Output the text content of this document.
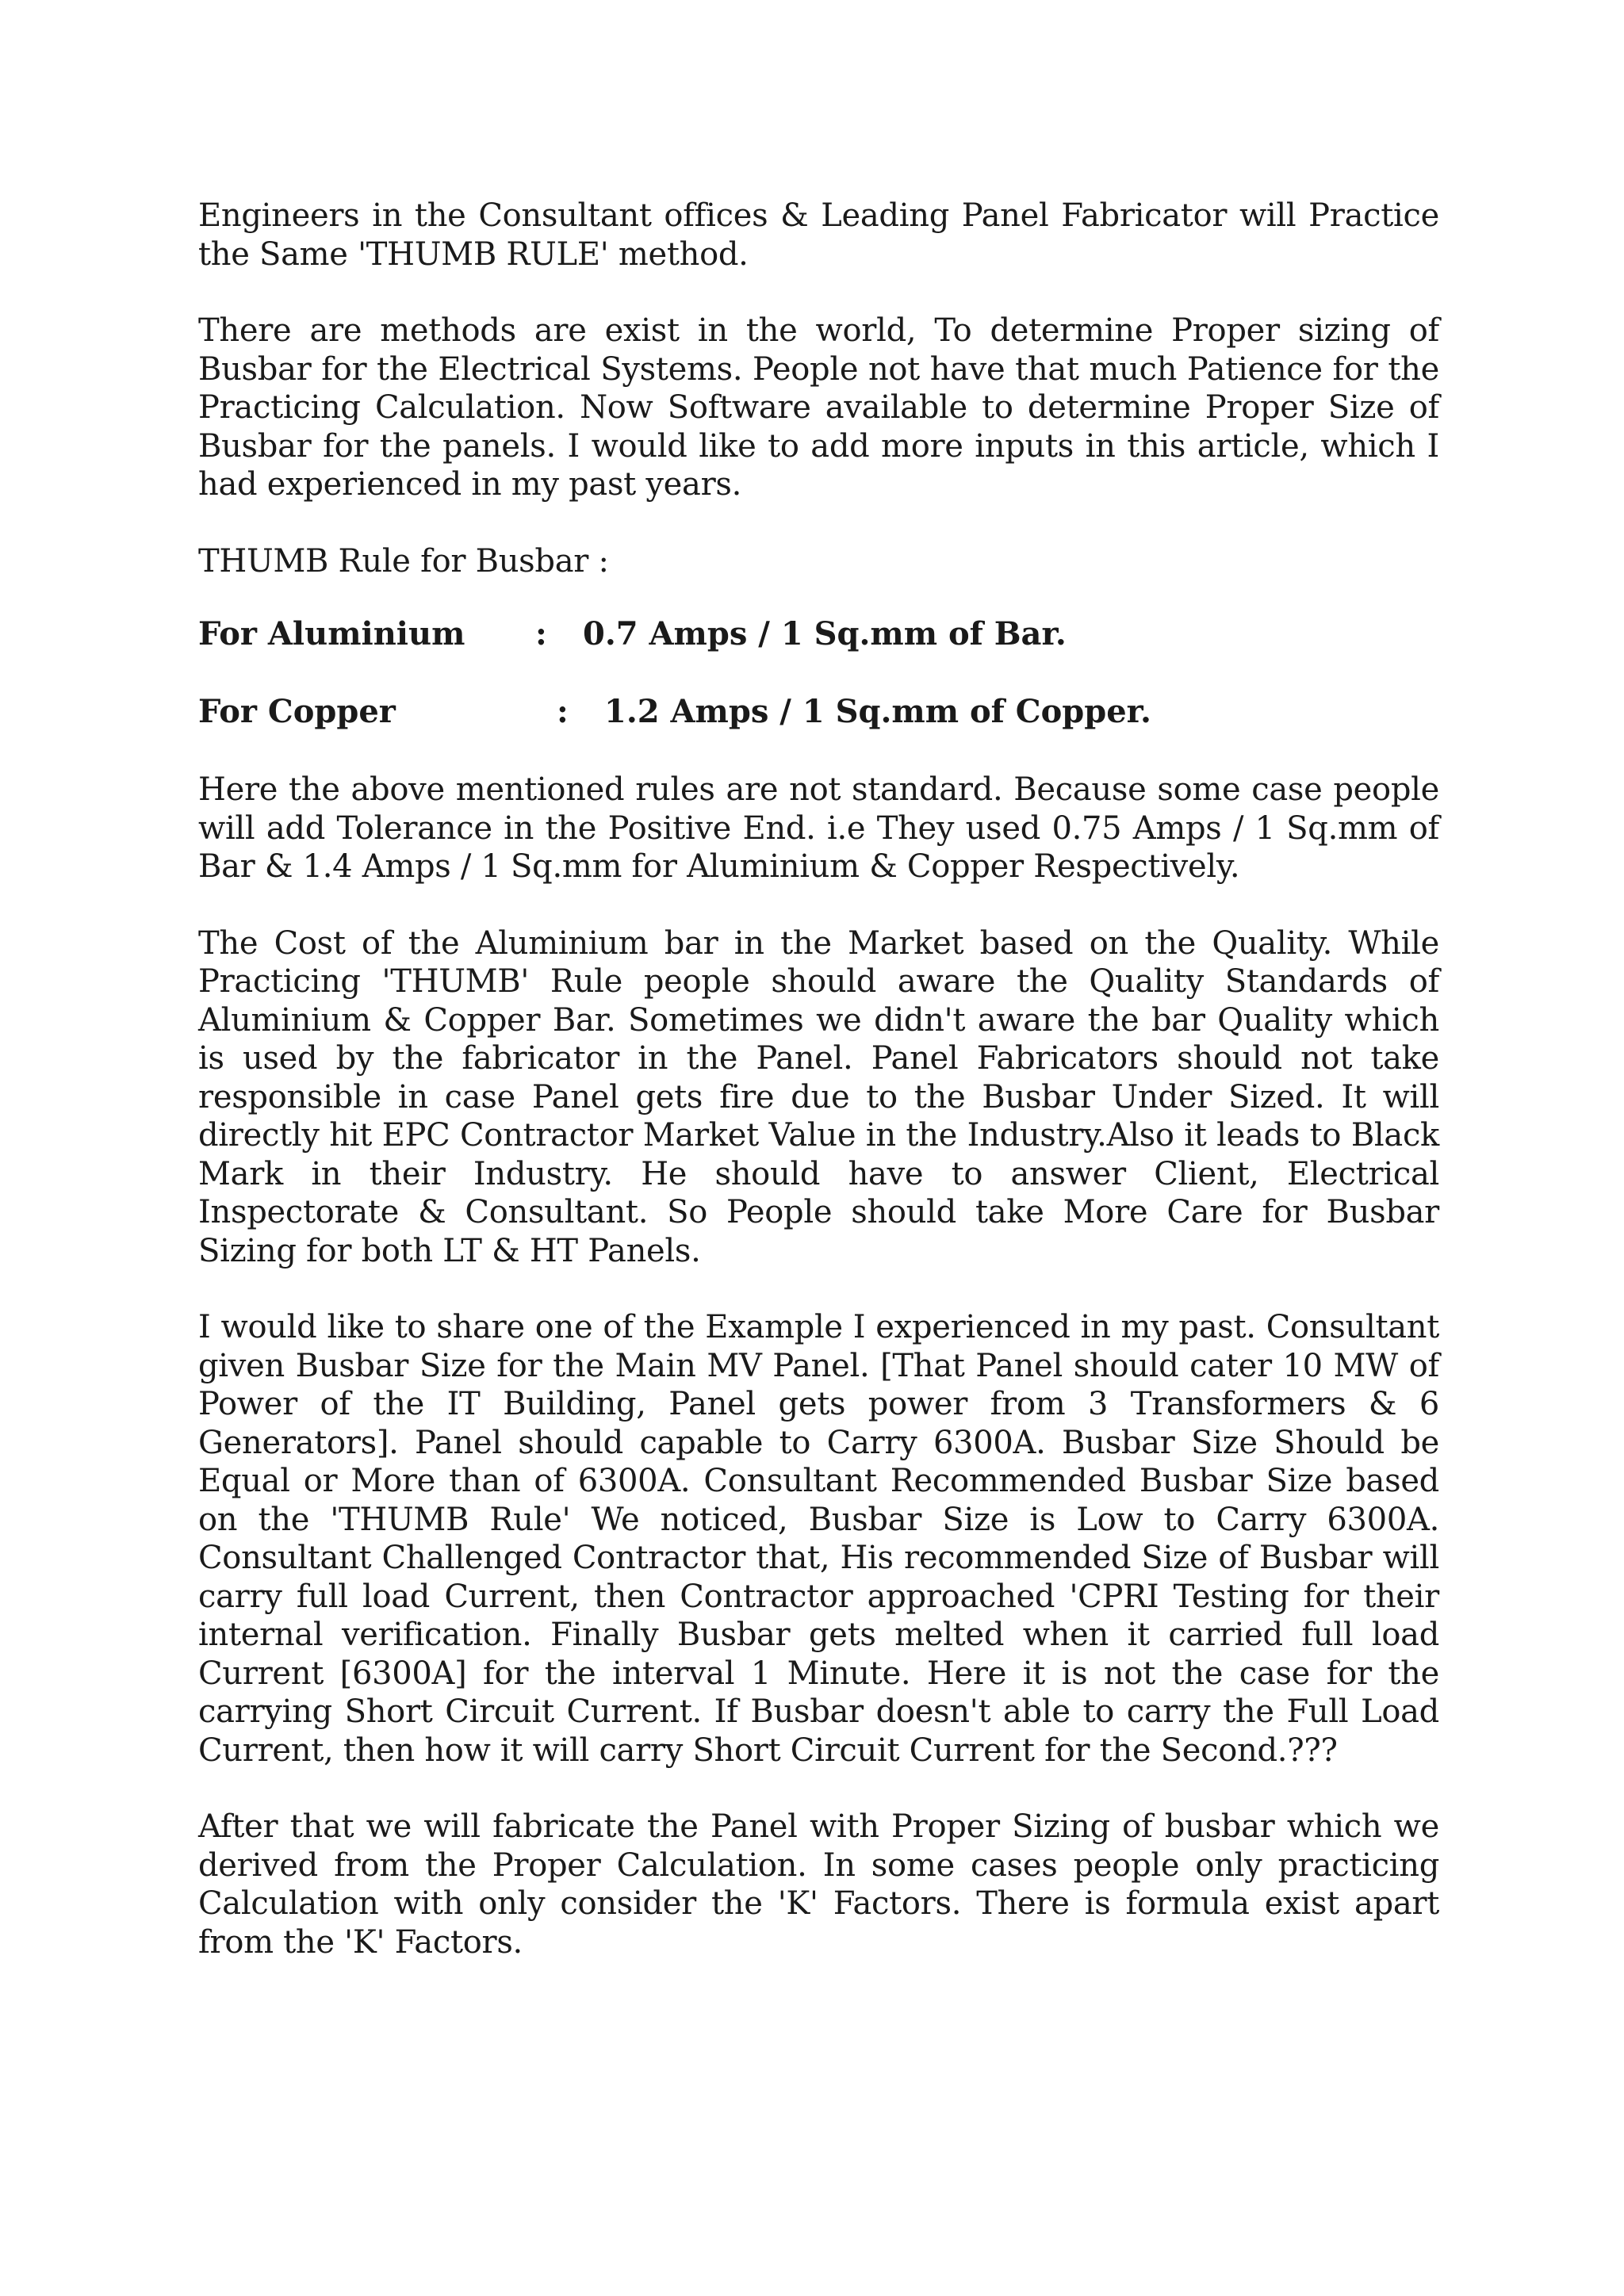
Engineers in the Consultant offices & Leading Panel Fabricator will Practice the Same 'THUMB RULE' method.

There are methods are exist in the world, To determine Proper sizing of Busbar for the Electrical Systems. People not have that much Patience for the Practicing Calculation. Now Software available to determine Proper Size of Busbar for the panels. I would like to add more inputs in this article, which I had experienced in my past years.

THUMB Rule for Busbar :

For Aluminium : 0.7 Amps / 1 Sq.mm of Bar.
For Copper	: 1.2 Amps / 1 Sq.mm of Copper.

Here the above mentioned rules are not standard. Because some case people will add Tolerance in the Positive End. i.e They used 0.75 Amps / 1 Sq.mm of Bar & 1.4 Amps / 1 Sq.mm for Aluminium & Copper Respectively.

The Cost of the Aluminium bar in the Market based on the Quality. While Practicing 'THUMB' Rule people should aware the Quality Standards of Aluminium & Copper Bar. Sometimes we didn't aware the bar Quality which is used by the fabricator in the Panel. Panel Fabricators should not take responsible in case Panel gets fire due to the Busbar Under Sized. It will directly hit EPC Contractor Market Value in the Industry.Also it leads to Black Mark in their Industry. He should have to answer Client, Electrical Inspectorate & Consultant. So People should take More Care for Busbar Sizing for both LT & HT Panels.

I would like to share one of the Example I experienced in my past. Consultant given Busbar Size for the Main MV Panel. [That Panel should cater 10 MW of Power of the IT Building, Panel gets power from 3 Transformers & 6 Generators]. Panel should capable to Carry 6300A. Busbar Size Should be Equal or More than of 6300A. Consultant Recommended Busbar Size based on the 'THUMB Rule' We noticed, Busbar Size is Low to Carry 6300A. Consultant Challenged Contractor that, His recommended Size of Busbar will carry full load Current, then Contractor approached 'CPRI Testing for their internal verification. Finally Busbar gets melted when it carried full load Current [6300A] for the interval 1 Minute. Here it is not the case for the carrying Short Circuit Current. If Busbar doesn't able to carry the Full Load Current, then how it will carry Short Circuit Current for the Second.???

After that we will fabricate the Panel with Proper Sizing of busbar which we derived from the Proper Calculation. In some cases people only practicing Calculation with only consider the 'K' Factors. There is formula exist apart from the 'K' Factors.
